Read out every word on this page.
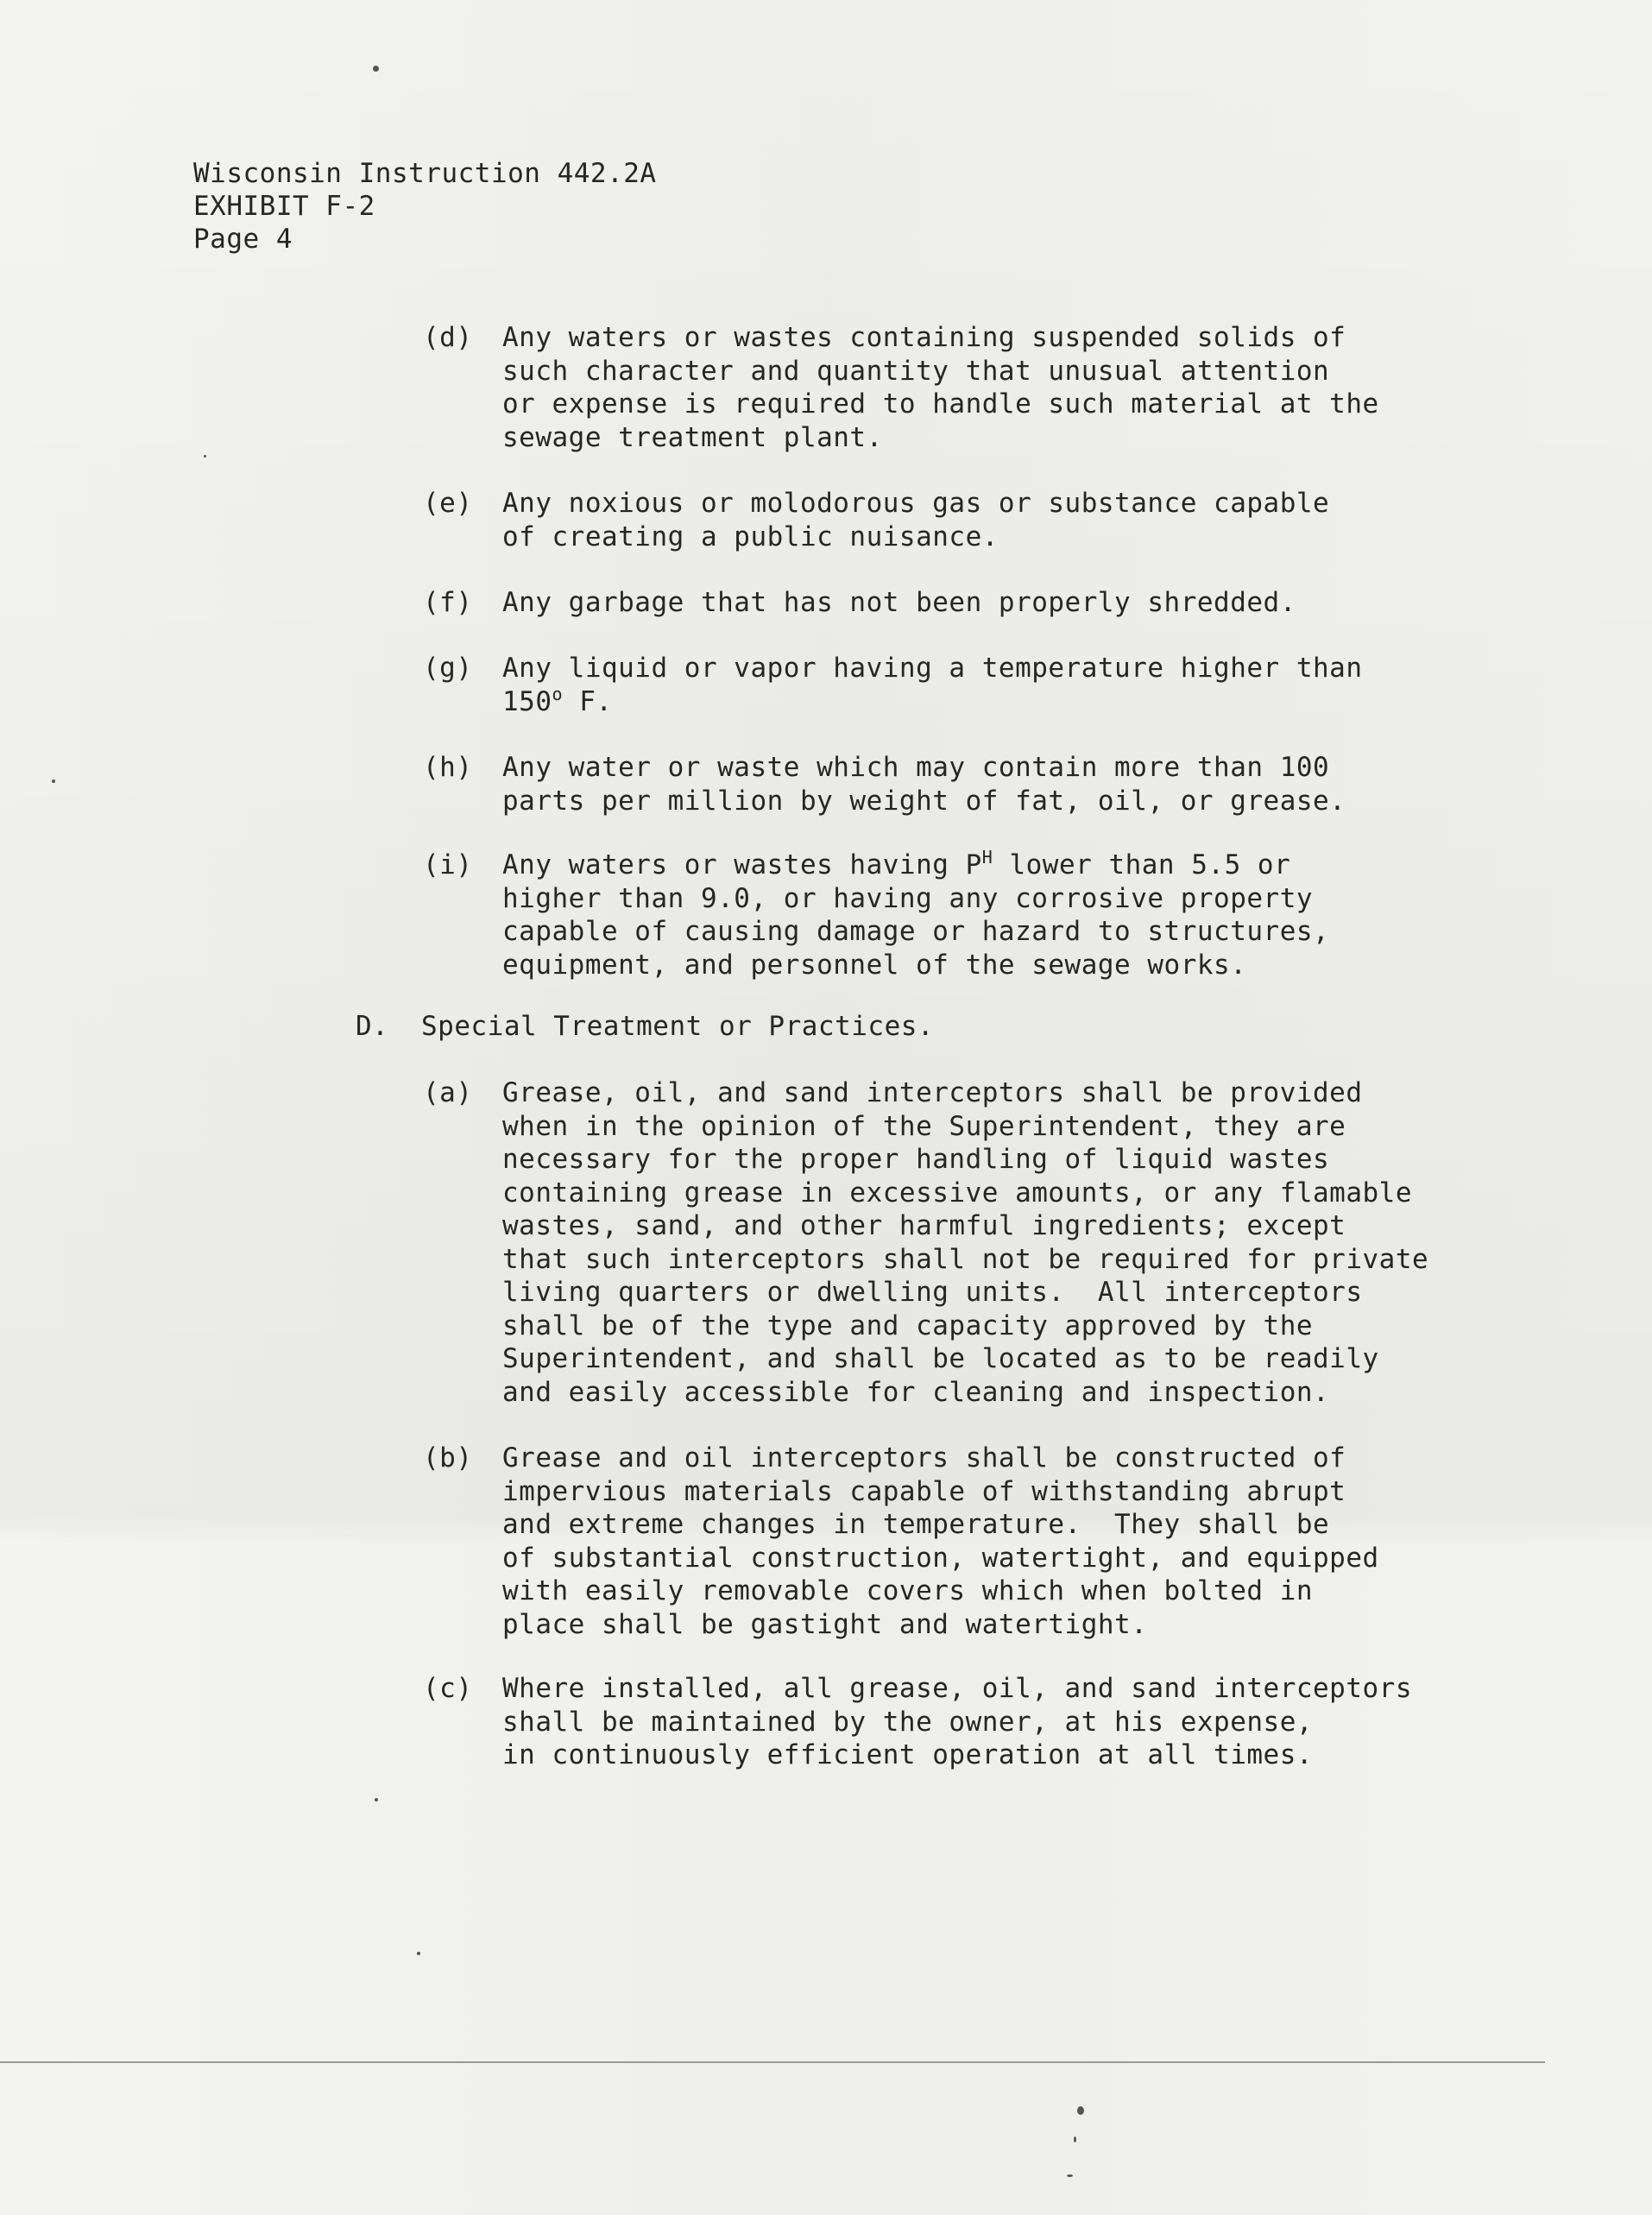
Wisconsin Instruction 442.2A
EXHIBIT F-2
Page 4
(d) Any waters or wastes containing suspended solids of
such character and quantity that unusual attention
or expense is required to handle such material at the
sewage treatment plant.
(e) Any noxious or molodorous gas or substance capable
of creating a public nuisance.
(f) Any garbage that has not been properly shredded.
(g) Any liquid or vapor having a temperature higher than
150$^o$ F.
(h) Any water or waste which may contain more than 100
parts per million by weight of fat, oil, or grease.
(i) Any waters or wastes having $P^H$ lower than 5.5 or
higher than 9.0, or having any corrosive property
capable of causing damage or hazard to structures,
equipment, and personnel of the sewage works.
D. Special Treatment or Practices.
(a) Grease, oil, and sand interceptors shall be provided
when in the opinion of the Superintendent, they are
necessary for the proper handling of liquid wastes
containing grease in excessive amounts, or any flamable
wastes, sand, and other harmful ingredients; except
that such interceptors shall not be required for private
living quarters or dwelling units.  All interceptors
shall be of the type and capacity approved by the
Superintendent, and shall be located as to be readily
and easily accessible for cleaning and inspection.
(b) Grease and oil interceptors shall be constructed of
impervious materials capable of withstanding abrupt
and extreme changes in temperature.  They shall be
of substantial construction, watertight, and equipped
with easily removable covers which when bolted in
place shall be gastight and watertight.
(c) Where installed, all grease, oil, and sand interceptors
shall be maintained by the owner, at his expense,
in continuously efficient operation at all times.
